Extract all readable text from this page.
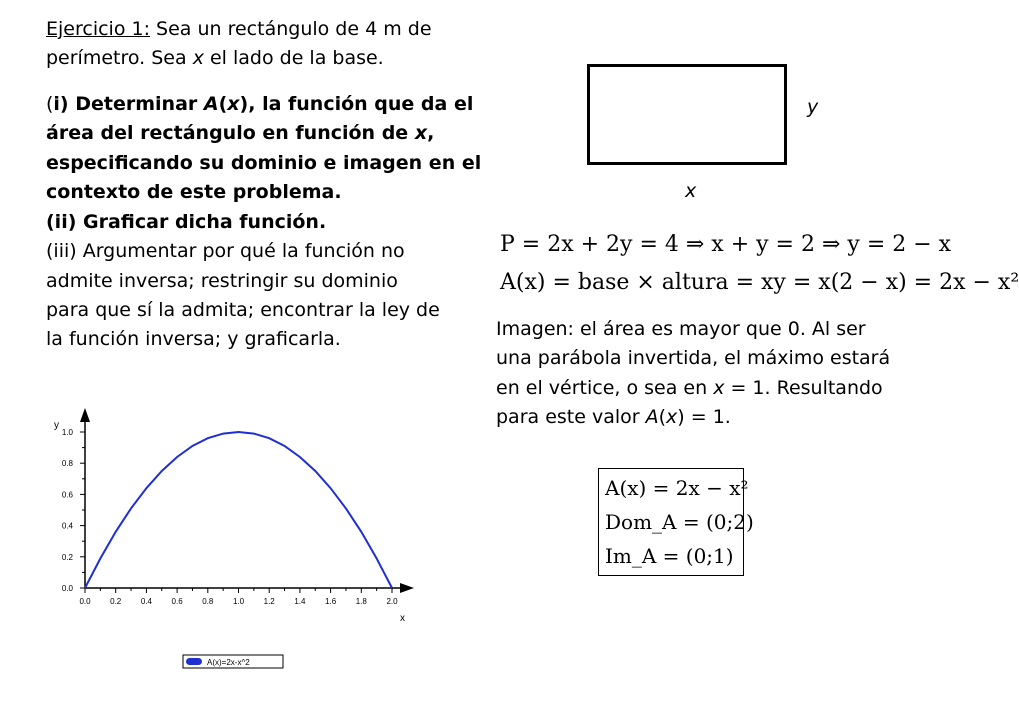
Ejercicio 1: Sea un rectángulo de 4 m de
perímetro. Sea x el lado de la base.
(i) Determinar A(x), la función que da el
área del rectángulo en función de x,
especificando su dominio e imagen en el
contexto de este problema.
(ii) Graficar dicha función.
(iii) Argumentar por qué la función no
admite inversa; restringir su dominio
para que sí la admita; encontrar la ley de
la función inversa; y graficarla.
y
x
P = 2x + 2y = 4 ⇒ x + y = 2 ⇒ y = 2 − x
A(x) = base × altura = xy = x(2 − x) = 2x − x²
Imagen: el área es mayor que 0. Al ser
una parábola invertida, el máximo estará
en el vértice, o sea en x = 1. Resultando
para este valor A(x) = 1.
A(x) = 2x − x²
Dom_A = (0;2)
Im_A = (0;1)
0.0 0.2 0.4 0.6 0.8 1.0 1.2 1.4 1.6 1.8 2.0
0.0
0.2
0.4
0.6
0.8
1.0
y
x
A(x)=2x-x^2
